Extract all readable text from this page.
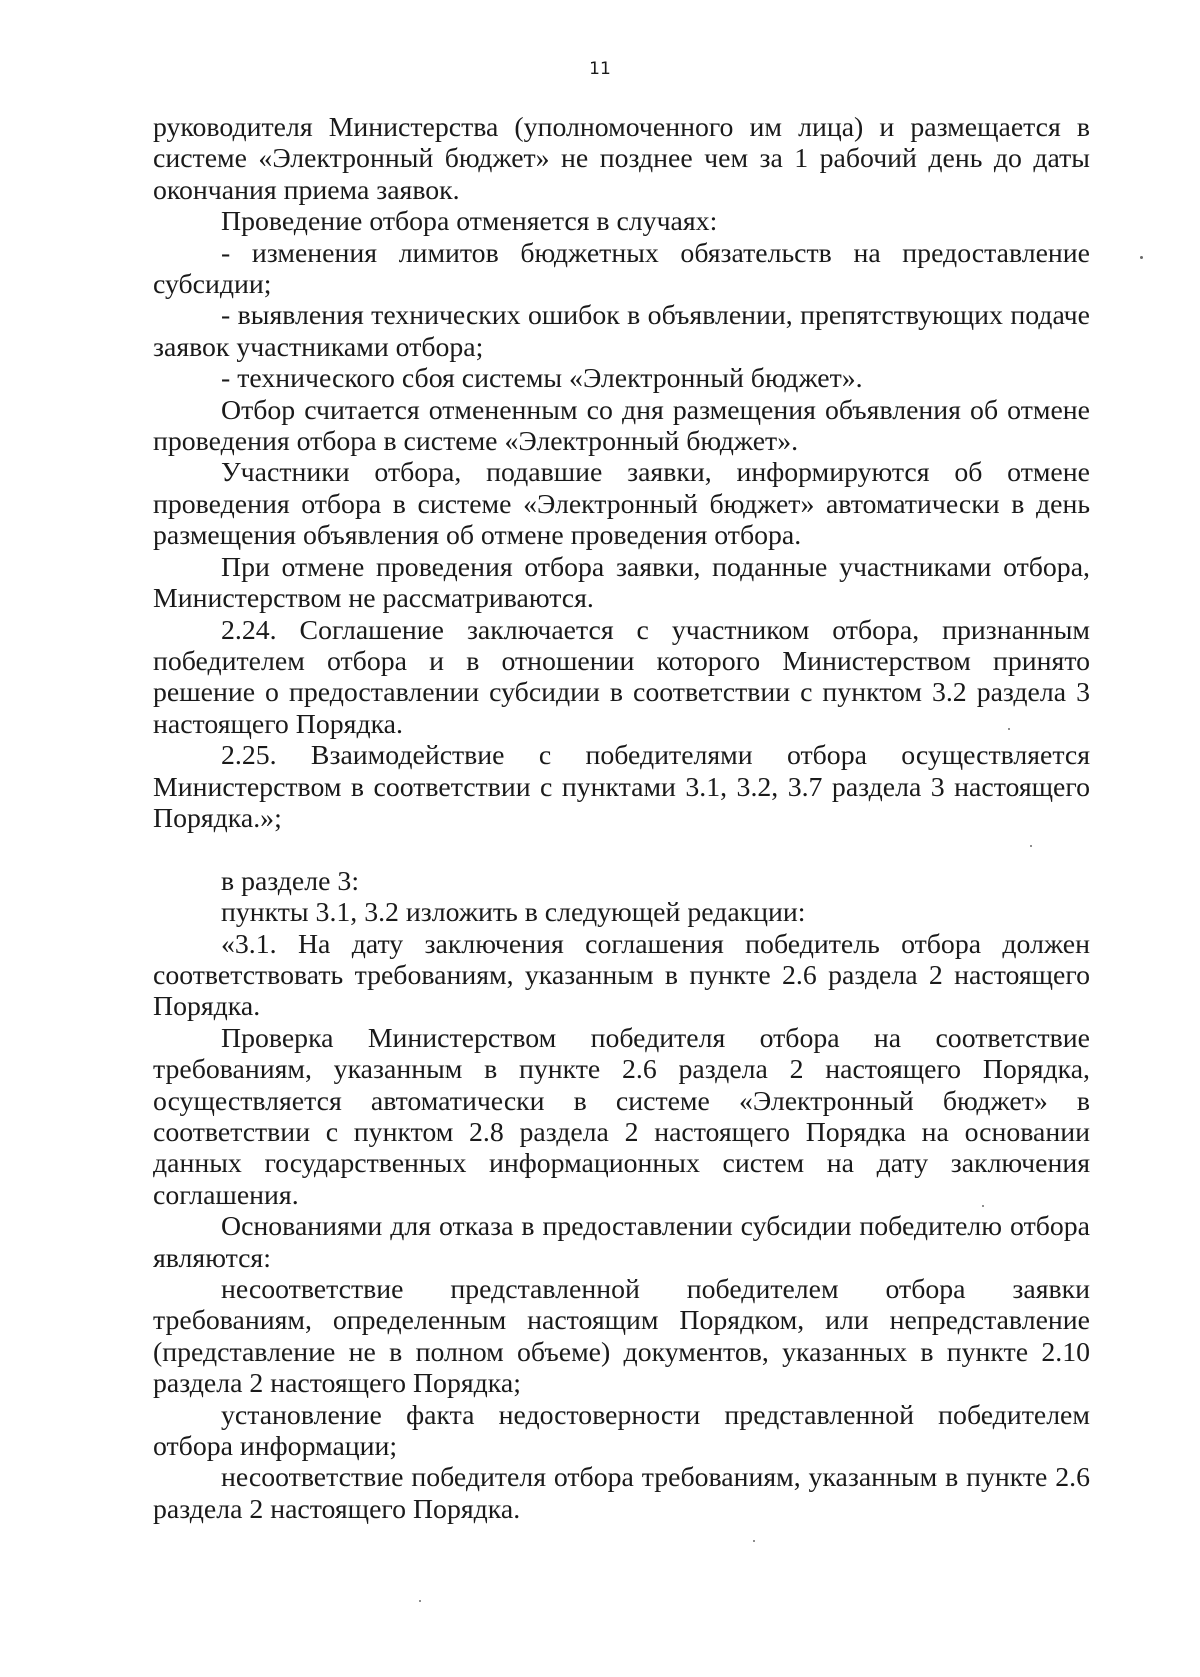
11

руководителя Министерства (уполномоченного им лица) и размещается в системе «Электронный бюджет» не позднее чем за 1 рабочий день до даты окончания приема заявок.

Проведение отбора отменяется в случаях:

- изменения лимитов бюджетных обязательств на предоставление субсидии;

- выявления технических ошибок в объявлении, препятствующих подаче заявок участниками отбора;

- технического сбоя системы «Электронный бюджет».

Отбор считается отмененным со дня размещения объявления об отмене проведения отбора в системе «Электронный бюджет».

Участники отбора, подавшие заявки, информируются об отмене проведения отбора в системе «Электронный бюджет» автоматически в день размещения объявления об отмене проведения отбора.

При отмене проведения отбора заявки, поданные участниками отбора, Министерством не рассматриваются.

2.24. Соглашение заключается с участником отбора, признанным победителем отбора и в отношении которого Министерством принято решение о предоставлении субсидии в соответствии с пунктом 3.2 раздела 3 настоящего Порядка.

2.25. Взаимодействие с победителями отбора осуществляется Министерством в соответствии с пунктами 3.1, 3.2, 3.7 раздела 3 настоящего Порядка.»;

в разделе 3:

пункты 3.1, 3.2 изложить в следующей редакции:

«3.1. На дату заключения соглашения победитель отбора должен соответствовать требованиям, указанным в пункте 2.6 раздела 2 настоящего Порядка.

Проверка Министерством победителя отбора на соответствие требованиям, указанным в пункте 2.6 раздела 2 настоящего Порядка, осуществляется автоматически в системе «Электронный бюджет» в соответствии с пунктом 2.8 раздела 2 настоящего Порядка на основании данных государственных информационных систем на дату заключения соглашения.

Основаниями для отказа в предоставлении субсидии победителю отбора являются:

несоответствие представленной победителем отбора заявки требованиям, определенным настоящим Порядком, или непредставление (представление не в полном объеме) документов, указанных в пункте 2.10 раздела 2 настоящего Порядка;

установление факта недостоверности представленной победителем отбора информации;

несоответствие победителя отбора требованиям, указанным в пункте 2.6 раздела 2 настоящего Порядка.
